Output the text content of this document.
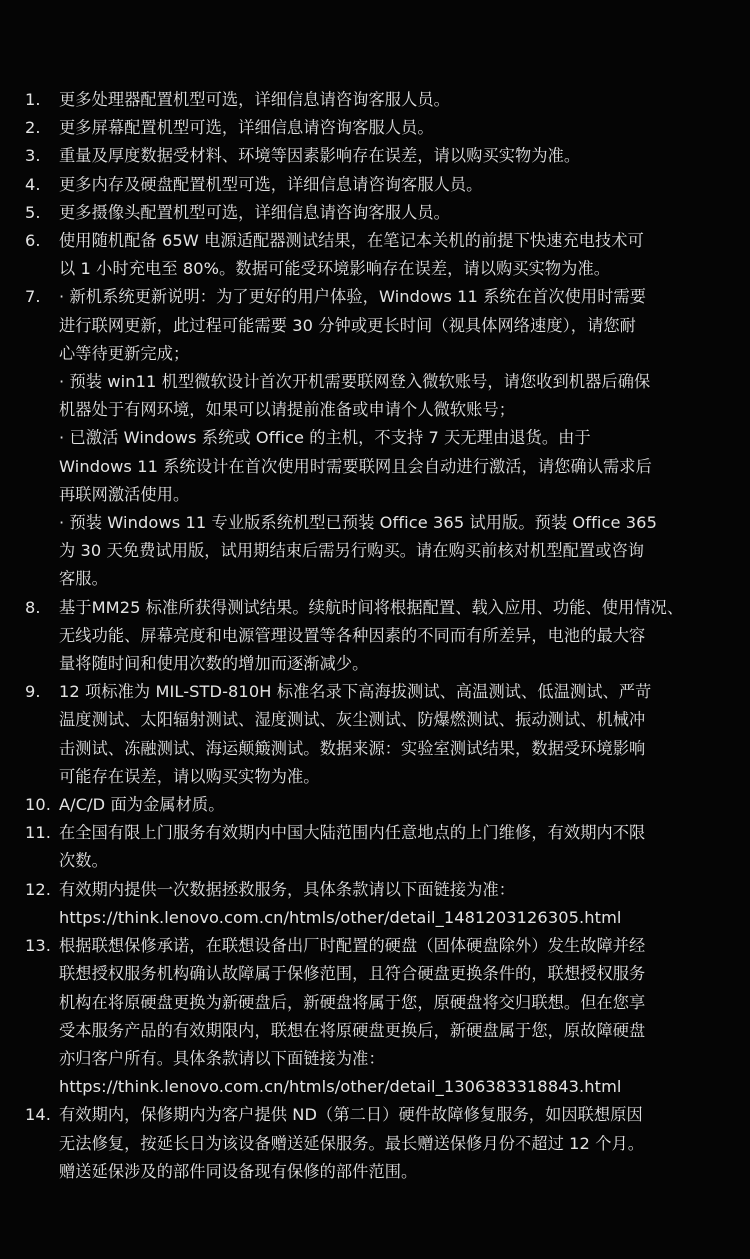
1.	更多处理器配置机型可选，详细信息请咨询客服人员。
2.	更多屏幕配置机型可选，详细信息请咨询客服人员。
3.	重量及厚度数据受材料、环境等因素影响存在误差，请以购买实物为准。
4.	更多内存及硬盘配置机型可选，详细信息请咨询客服人员。
5.	更多摄像头配置机型可选，详细信息请咨询客服人员。
6.	使用随机配备 65W 电源适配器测试结果，在笔记本关机的前提下快速充电技术可
以 1 小时充电至 80%。数据可能受环境影响存在误差，请以购买实物为准。
7.	· 新机系统更新说明：为了更好的用户体验，Windows 11 系统在首次使用时需要
进行联网更新，此过程可能需要 30 分钟或更长时间（视具体网络速度），请您耐
心等待更新完成；
· 预装 win11 机型微软设计首次开机需要联网登入微软账号，请您收到机器后确保
机器处于有网环境，如果可以请提前准备或申请个人微软账号；
· 已激活 Windows 系统或 Office 的主机，不支持 7 天无理由退货。由于
Windows 11 系统设计在首次使用时需要联网且会自动进行激活，请您确认需求后
再联网激活使用。
· 预装 Windows 11 专业版系统机型已预装 Office 365 试用版。预装 Office 365
为 30 天免费试用版，试用期结束后需另行购买。请在购买前核对机型配置或咨询
客服。
8.	基于MM25 标准所获得测试结果。续航时间将根据配置、载入应用、功能、使用情况、
无线功能、屏幕亮度和电源管理设置等各种因素的不同而有所差异，电池的最大容
量将随时间和使用次数的增加而逐渐减少。
9.	12 项标准为 MIL-STD-810H 标准名录下高海拔测试、高温测试、低温测试、严苛
温度测试、太阳辐射测试、湿度测试、灰尘测试、防爆燃测试、振动测试、机械冲
击测试、冻融测试、海运颠簸测试。数据来源：实验室测试结果，数据受环境影响
可能存在误差，请以购买实物为准。
10. A/C/D 面为金属材质。
11. 在全国有限上门服务有效期内中国大陆范围内任意地点的上门维修，有效期内不限
次数。
12. 有效期内提供一次数据拯救服务，具体条款请以下面链接为准：
https://think.lenovo.com.cn/htmls/other/detail_1481203126305.html
13. 根据联想保修承诺，在联想设备出厂时配置的硬盘（固体硬盘除外）发生故障并经
联想授权服务机构确认故障属于保修范围，且符合硬盘更换条件的，联想授权服务
机构在将原硬盘更换为新硬盘后，新硬盘将属于您，原硬盘将交归联想。但在您享
受本服务产品的有效期限内，联想在将原硬盘更换后，新硬盘属于您，原故障硬盘
亦归客户所有。具体条款请以下面链接为准：
https://think.lenovo.com.cn/htmls/other/detail_1306383318843.html
14. 有效期内，保修期内为客户提供 ND（第二日）硬件故障修复服务，如因联想原因
无法修复，按延长日为该设备赠送延保服务。最长赠送保修月份不超过 12 个月。
赠送延保涉及的部件同设备现有保修的部件范围。
